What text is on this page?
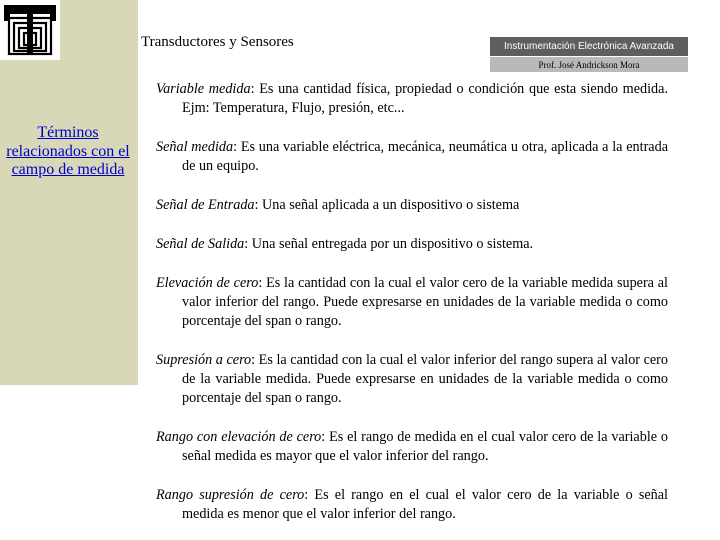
Transductores y Sensores	Instrumentación Electrónica Avanzada
Prof. José Andrickson Mora
Términos relacionados con el campo de medida
Variable medida: Es una cantidad física, propiedad o condición que esta siendo medida. Ejm: Temperatura, Flujo, presión, etc...
Señal medida: Es una variable eléctrica, mecánica, neumática u otra, aplicada a la entrada de un equipo.
Señal de Entrada: Una señal aplicada a un dispositivo o sistema
Señal de Salida: Una señal entregada por un dispositivo o sistema.
Elevación de cero: Es la cantidad con la cual el valor cero de la variable medida supera al valor inferior del rango. Puede expresarse en unidades de la variable medida o como porcentaje del span o rango.
Supresión a cero: Es la cantidad con la cual el valor inferior del rango supera al valor cero de la variable medida. Puede expresarse en unidades de la variable medida o como porcentaje del span o rango.
Rango con elevación de cero: Es el rango de medida en el cual valor cero de la variable o señal medida es mayor que el valor inferior del rango.
Rango supresión de cero: Es el rango en el cual el valor cero de la variable o señal medida es menor que el valor inferior del rango.
